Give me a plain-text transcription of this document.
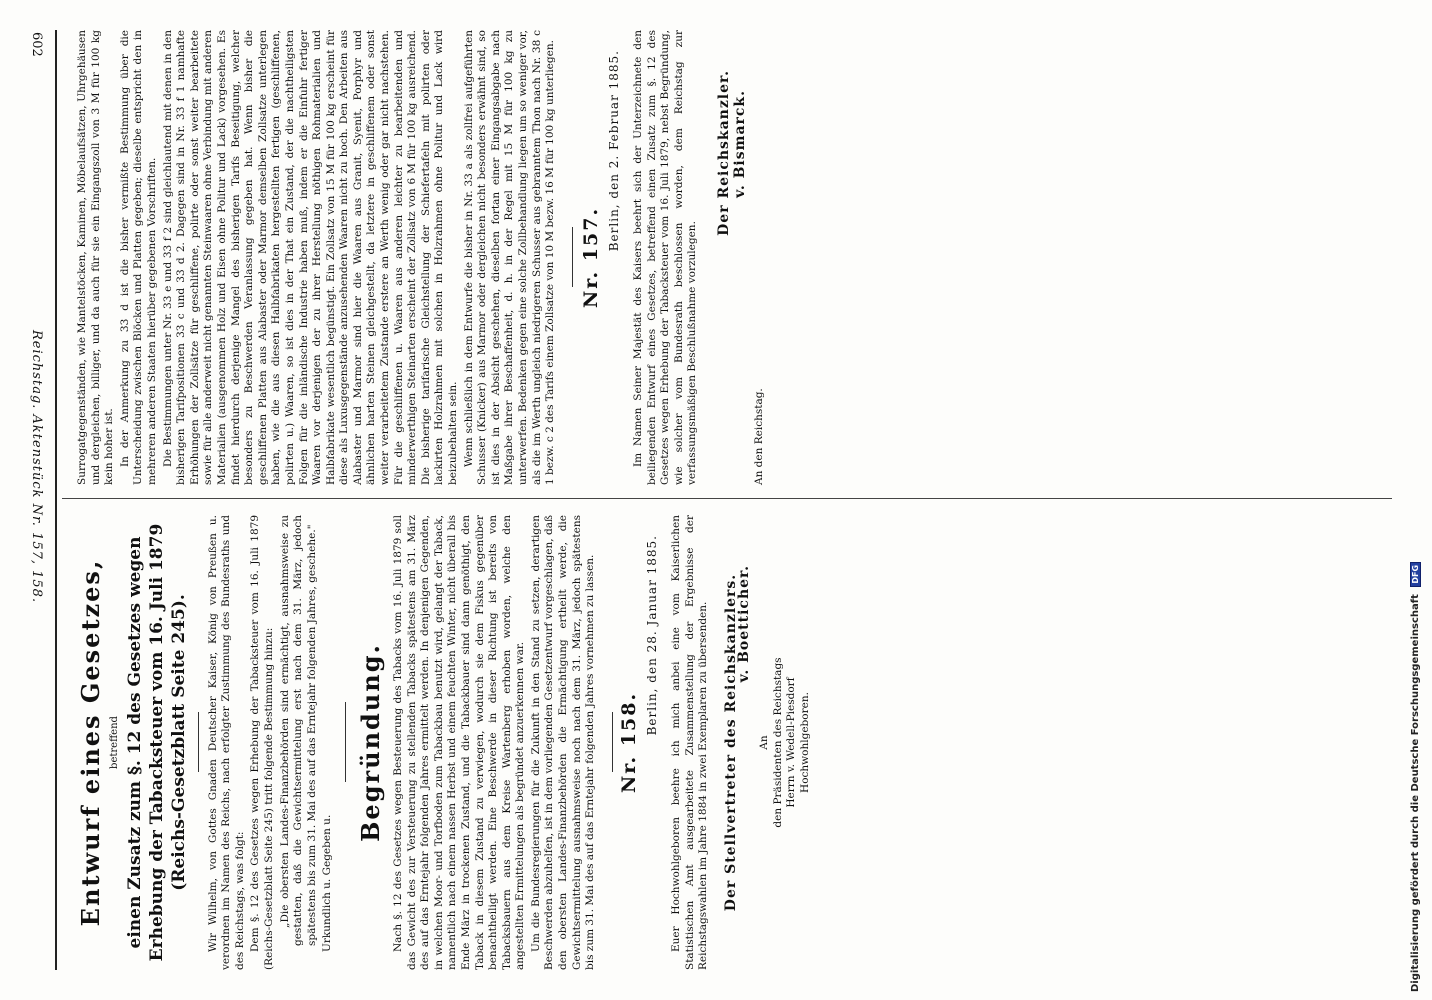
602
Reichstag. Aktenstück Nr. 157, 158.	Surrogatgegenständen, wie Mantelstöcken, Kaminen, Möbelaufsätzen, Uhrgehäusen und dergleichen, billiger, und da auch für sie ein Eingangszoll von 3 M für 100 kg kein hoher ist. In der Anmerkung zu 33 d ist die bisher vermißte Bestimmung über die Unterscheidung zwischen Blöcken und Platten gegeben; dieselbe entspricht den in mehreren anderen Staaten hierüber gegebenen Vorschriften. Die Bestimmungen unter Nr. 33 e und 33 f 2 sind gleichlautend mit denen in den bisherigen Tarifpositionen 33 c und 33 d 2. Dagegen sind in Nr. 33 f 1 namhafte Erhöhungen der Zollsätze für geschliffene, polirte oder sonst weiter bearbeitete sowie für alle anderweit nicht genannten Steinwaaren ohne Verbindung mit anderen Materialien (ausgenommen Holz und Eisen ohne Politur und Lack) vorgesehen. Es findet hierdurch derjenige Mangel des bisherigen Tarifs Beseitigung, welcher besonders zu Beschwerden Veranlassung gegeben hat. Wenn bisher die geschliffenen Platten aus Alabaster oder Marmor demselben Zollsatze unterlegen haben, wie die aus diesen Halbfabrikaten hergestellten fertigen (geschliffenen, polirten u.) Waaren, so ist dies in der That ein Zustand, der die nachtheiligsten Folgen für die inländische Industrie haben muß, indem er die Einfuhr fertiger Waaren vor derjenigen der zu ihrer Herstellung nöthigen Rohmaterialien und Halbfabrikate wesentlich begünstigt. Ein Zollsatz von 15 M für 100 kg erscheint für diese als Luxusgegenstände anzusehenden Waaren nicht zu hoch. Den Arbeiten aus Alabaster und Marmor sind hier die Waaren aus Granit, Syenit, Porphyr und ähnlichen harten Steinen gleichgestellt, da letztere in geschliffenem oder sonst weiter verarbeitetem Zustande erstere an Werth wenig oder gar nicht nachstehen. Für die geschliffenen u. Waaren aus anderen leichter zu bearbeitenden und minderwerthigen Steinarten erscheint der Zollsatz von 6 M für 100 kg ausreichend. Die bisherige tarifarische Gleichstellung der Schiefertafeln mit polirten oder lackirten Holzrahmen mit solchen in Holzrahmen ohne Politur und Lack wird beizubehalten sein. Wenn schließlich in dem Entwurfe die bisher in Nr. 33 a als zollfrei aufgeführten Schusser (Knicker) aus Marmor oder dergleichen nicht besonders erwähnt sind, so ist dies in der Absicht geschehen, dieselben fortan einer Eingangsabgabe nach Maßgabe ihrer Beschaffenheit, d. h. in der Regel mit 15 M für 100 kg zu unterwerfen. Bedenken gegen eine solche Zollbehandlung liegen um so weniger vor, als die im Werth ungleich niedrigeren Schusser aus gebranntem Thon nach Nr. 38 c 1 bezw. c 2 des Tarifs einem Zollsatze von 10 M bezw. 16 M für 100 kg unterliegen. Nr. 157.
Berlin, den 2. Februar 1885. Im Namen Seiner Majestät des Kaisers beehrt sich der Unterzeichnete den beiliegenden Entwurf eines Gesetzes, betreffend einen Zusatz zum §. 12 des Gesetzes wegen Erhebung der Tabacksteuer vom 16. Juli 1879, nebst Begründung, wie solcher vom Bundesrath beschlossen worden, dem Reichstag zur verfassungsmäßigen Beschlußnahme vorzulegen.

Der Reichskanzler. v. Bismarck.

An den Reichstag.

Entwurf eines Gesetzes, betreffend einen Zusatz zum §. 12 des Gesetzes wegen Erhebung der Tabacksteuer vom 16. Juli 1879 (Reichs-Gesetzblatt Seite 245). Wir Wilhelm, von Gottes Gnaden Deutscher Kaiser, König von Preußen u. verordnen im Namen des Reichs, nach erfolgter Zustimmung des Bundesraths und des Reichstags, was folgt: Dem §. 12 des Gesetzes wegen Erhebung der Tabacksteuer vom 16. Juli 1879 (Reichs-Gesetzblatt Seite 245) tritt folgende Bestimmung hinzu: „Die obersten Landes-Finanzbehörden sind ermächtigt, ausnahmsweise zu gestatten, daß die Gewichtsermittelung erst nach dem 31. März, jedoch spätestens bis zum 31. Mai des auf das Erntejahr folgenden Jahres, geschehe." Urkundlich u. Gegeben u.

Begründung. Nach §. 12 des Gesetzes wegen Besteuerung des Tabacks vom 16. Juli 1879 soll das Gewicht des zur Versteuerung zu stellenden Tabacks spätestens am 31. März des auf das Erntejahr folgenden Jahres ermittelt werden. In denjenigen Gegenden, in welchen Moor- und Torfboden zum Tabackbau benutzt wird, gelangt der Taback, namentlich nach einem nassen Herbst und einem feuchten Winter, nicht überall bis Ende März in trockenen Zustand, und die Tabackbauer sind dann genöthigt, den Taback in diesem Zustand zu verwiegen, wodurch sie dem Fiskus gegenüber benachtheiligt werden. Eine Beschwerde in dieser Richtung ist bereits von Tabacksbauern aus dem Kreise Wartenberg erhoben worden, welche den angestellten Ermittelungen als begründet anzuerkennen war. Um die Bundesregierungen für die Zukunft in den Stand zu setzen, derartigen Beschwerden abzuhelfen, ist in dem vorliegenden Gesetzentwurf vorgeschlagen, daß den obersten Landes-Finanzbehörden die Ermächtigung ertheilt werde, die Gewichtsermittelung ausnahmsweise noch nach dem 31. März, jedoch spätestens bis zum 31. Mai des auf das Erntejahr folgenden Jahres vornehmen zu lassen. Nr. 158.
Berlin, den 28. Januar 1885. Euer Hochwohlgeboren beehre ich mich anbei eine vom Kaiserlichen Statistischen Amt ausgearbeitete Zusammenstellung der Ergebnisse der Reichstagswahlen im Jahre 1884 in zwei Exemplaren zu übersenden. Der Stellvertreter des Reichskanzlers.
v. Boetticher.
An den Präsidenten des Reichstags Herrn v. Wedell-Piesdorf Hochwohlgeboren.	Digitalisierung gefördert durch die Deutsche Forschungsgemeinschaft DFG
